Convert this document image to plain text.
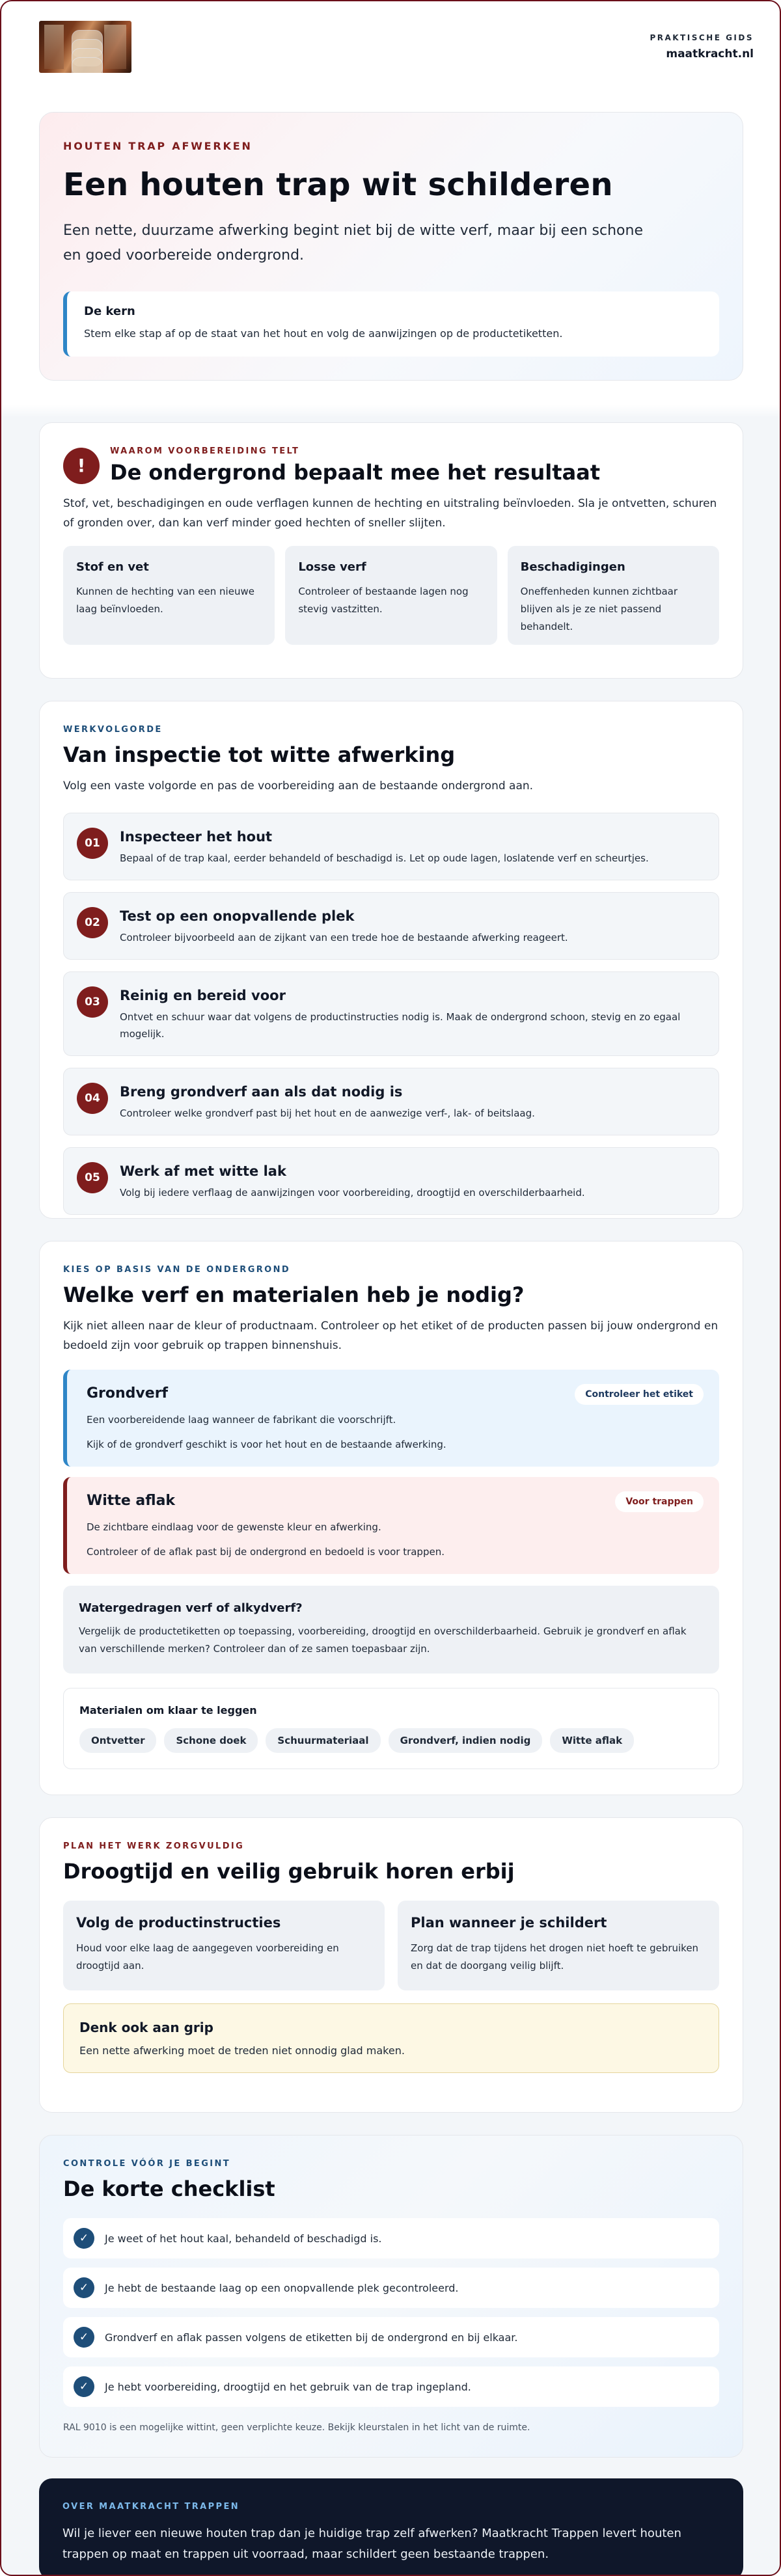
PRAKTISCHE GIDS
maatkracht.nl
HOUTEN TRAP AFWERKEN
Een houten trap wit schilderen

Een nette, duurzame afwerking begint niet bij de witte verf, maar bij een schone en goed voorbereide ondergrond.

De kern
Stem elke stap af op de staat van het hout en volg de aanwijzingen op de productetiketten.
!
WAAROM VOORBEREIDING TELT
De ondergrond bepaalt mee het resultaat

Stof, vet, beschadigingen en oude verflagen kunnen de hechting en uitstraling beïnvloeden. Sla je ontvetten, schuren of gronden over, dan kan verf minder goed hechten of sneller slijten.

Stof en vet
Kunnen de hechting van een nieuwe laag beïnvloeden.
Losse verf
Controleer of bestaande lagen nog stevig vastzitten.
Beschadigingen
Oneffenheden kunnen zichtbaar blijven als je ze niet passend behandelt.
WERKVOLGORDE
Van inspectie tot witte afwerking

Volg een vaste volgorde en pas de voorbereiding aan de bestaande ondergrond aan.

01	Inspecteer het hout
Bepaal of de trap kaal, eerder behandeld of beschadigd is. Let op oude lagen, loslatende verf en scheurtjes.
02	Test op een onopvallende plek
Controleer bijvoorbeeld aan de zijkant van een trede hoe de bestaande afwerking reageert.
03	Reinig en bereid voor
Ontvet en schuur waar dat volgens de productinstructies nodig is. Maak de ondergrond schoon, stevig en zo egaal mogelijk.
04	Breng grondverf aan als dat nodig is
Controleer welke grondverf past bij het hout en de aanwezige verf-, lak- of beitslaag.
05	Werk af met witte lak
Volg bij iedere verflaag de aanwijzingen voor voorbereiding, droogtijd en overschilderbaarheid.
KIES OP BASIS VAN DE ONDERGROND
Welke verf en materialen heb je nodig?

Kijk niet alleen naar de kleur of productnaam. Controleer op het etiket of de producten passen bij jouw ondergrond en bedoeld zijn voor gebruik op trappen binnenshuis.

Grondverf	Controleer het etiket
Een voorbereidende laag wanneer de fabrikant die voorschrijft.
Kijk of de grondverf geschikt is voor het hout en de bestaande afwerking.
Witte aflak	Voor trappen
De zichtbare eindlaag voor de gewenste kleur en afwerking.
Controleer of de aflak past bij de ondergrond en bedoeld is voor trappen.
Watergedragen verf of alkydverf?
Vergelijk de productetiketten op toepassing, voorbereiding, droogtijd en overschilderbaarheid. Gebruik je grondverf en aflak van verschillende merken? Controleer dan of ze samen toepasbaar zijn.
Materialen om klaar te leggen
Ontvetter	Schone doek	Schuurmateriaal	Grondverf, indien nodig	Witte aflak
PLAN HET WERK ZORGVULDIG
Droogtijd en veilig gebruik horen erbij
Volg de productinstructies
Houd voor elke laag de aangegeven voorbereiding en droogtijd aan.
Plan wanneer je schildert
Zorg dat de trap tijdens het drogen niet hoeft te gebruiken en dat de doorgang veilig blijft.
Denk ook aan grip
Een nette afwerking moet de treden niet onnodig glad maken.
CONTROLE VÓÓR JE BEGINT
De korte checklist
✓	Je weet of het hout kaal, behandeld of beschadigd is.
✓	Je hebt de bestaande laag op een onopvallende plek gecontroleerd.
✓	Grondverf en aflak passen volgens de etiketten bij de ondergrond en bij elkaar.
✓	Je hebt voorbereiding, droogtijd en het gebruik van de trap ingepland.

RAL 9010 is een mogelijke wittint, geen verplichte keuze. Bekijk kleurstalen in het licht van de ruimte.

OVER MAATKRACHT TRAPPEN

Wil je liever een nieuwe houten trap dan je huidige trap zelf afwerken? Maatkracht Trappen levert houten trappen op maat en trappen uit voorraad, maar schildert geen bestaande trappen.
